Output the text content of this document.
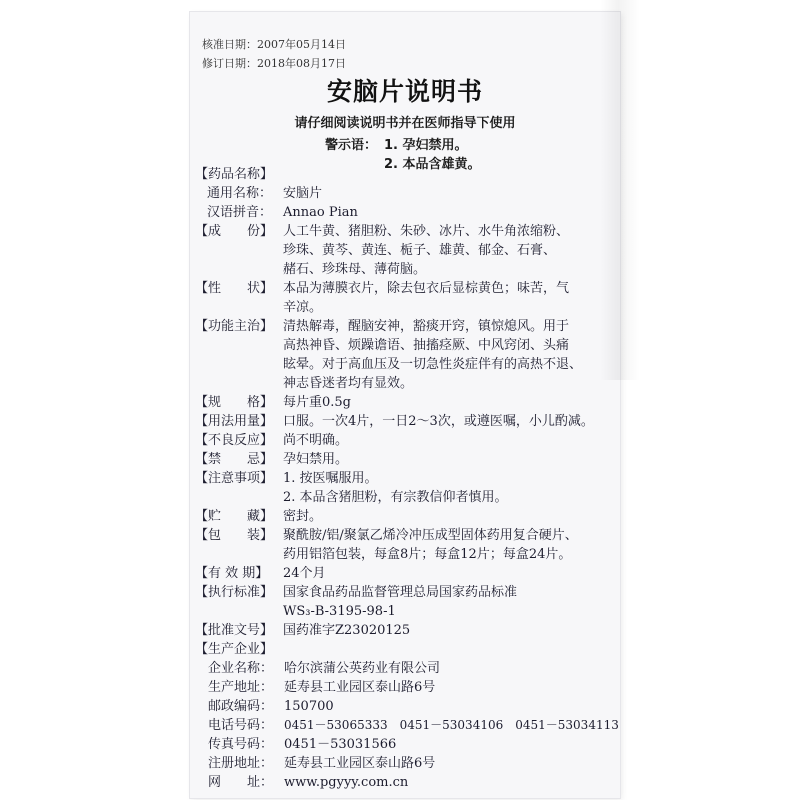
核准日期：2007年05月14日
修订日期：2018年08月17日
安脑片说明书
请仔细阅读说明书并在医师指导下使用
警示语： 1. 孕妇禁用。
2. 本品含雄黄。
【药品名称】
通用名称： 安脑片
汉语拼音： Annao Pian
【成　　份】 人工牛黄、猪胆粉、朱砂、冰片、水牛角浓缩粉、
珍珠、黄芩、黄连、栀子、雄黄、郁金、石膏、
赭石、珍珠母、薄荷脑。
【性　　状】 本品为薄膜衣片，除去包衣后显棕黄色；味苦，气
辛凉。
【功能主治】 清热解毒，醒脑安神，豁痰开窍，镇惊熄风。用于
高热神昏、烦躁谵语、抽搐痉厥、中风窍闭、头痛
眩晕。对于高血压及一切急性炎症伴有的高热不退、
神志昏迷者均有显效。
【规　　格】 每片重0.5g
【用法用量】 口服。一次4片，一日2～3次，或遵医嘱，小儿酌减。
【不良反应】 尚不明确。
【禁　　忌】 孕妇禁用。
【注意事项】 1. 按医嘱服用。
2. 本品含猪胆粉，有宗教信仰者慎用。
【贮　　藏】 密封。
【包　　装】 聚酰胺/铝/聚氯乙烯冷冲压成型固体药用复合硬片、
药用铝箔包装，每盒8片；每盒12片；每盒24片。
【有 效 期】 24个月
【执行标准】 国家食品药品监督管理总局国家药品标准
WS₃-B-3195-98-1
【批准文号】 国药准字Z23020125
【生产企业】
企业名称： 哈尔滨蒲公英药业有限公司
生产地址： 延寿县工业园区泰山路6号
邮政编码： 150700
电话号码： 0451－53065333　0451－53034106　0451－53034113
传真号码： 0451－53031566
注册地址： 延寿县工业园区泰山路6号
网　　址： www.pgyyy.com.cn
